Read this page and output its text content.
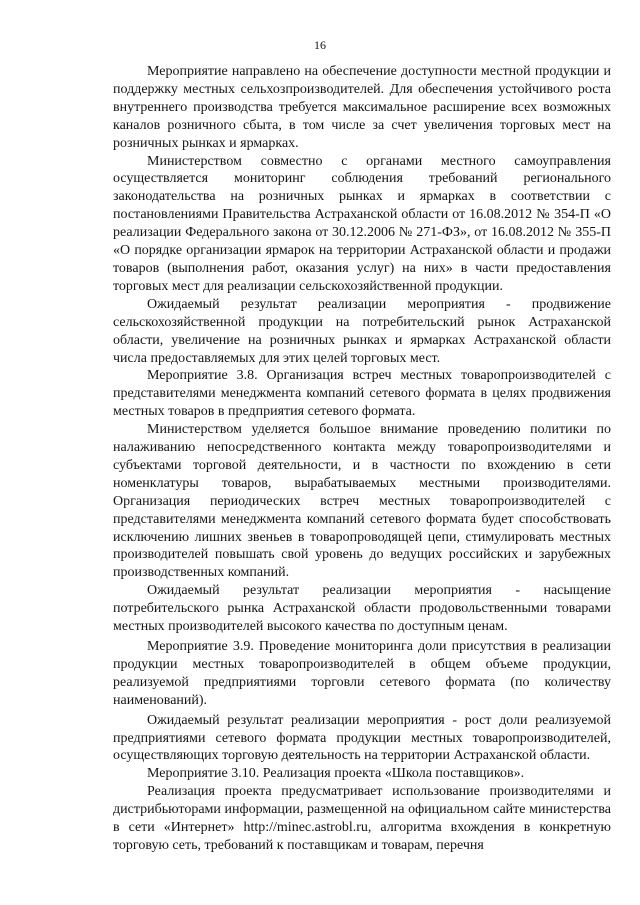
16

Мероприятие направлено на обеспечение доступности местной продукции и поддержку местных сельхозпроизводителей. Для обеспечения устойчивого роста внутреннего производства требуется максимальное расширение всех возможных каналов розничного сбыта, в том числе за счет увеличения торговых мест на розничных рынках и ярмарках.

Министерством совместно с органами местного самоуправления осуществляется мониторинг соблюдения требований регионального законодательства на розничных рынках и ярмарках в соответствии с постановлениями Правительства Астраханской области от 16.08.2012 № 354-П «О реализации Федерального закона от 30.12.2006 № 271-ФЗ», от 16.08.2012 № 355-П «О порядке организации ярмарок на территории Астраханской области и продажи товаров (выполнения работ, оказания услуг) на них» в части предоставления торговых мест для реализации сельскохозяйственной продукции.

Ожидаемый результат реализации мероприятия - продвижение сельскохозяйственной продукции на потребительский рынок Астраханской области, увеличение на розничных рынках и ярмарках Астраханской области числа предоставляемых для этих целей торговых мест.

Мероприятие 3.8. Организация встреч местных товаропроизводителей с представителями менеджмента компаний сетевого формата в целях продвижения местных товаров в предприятия сетевого формата.

Министерством уделяется большое внимание проведению политики по налаживанию непосредственного контакта между товаропроизводителями и субъектами торговой деятельности, и в частности по вхождению в сети номенклатуры товаров, вырабатываемых местными производителями. Организация периодических встреч местных товаропроизводителей с представителями менеджмента компаний сетевого формата будет способствовать исключению лишних звеньев в товаропроводящей цепи, стимулировать местных производителей повышать свой уровень до ведущих российских и зарубежных производственных компаний.

Ожидаемый результат реализации мероприятия - насыщение потребительского рынка Астраханской области продовольственными товарами местных производителей высокого качества по доступным ценам.

Мероприятие 3.9. Проведение мониторинга доли присутствия в реализации продукции местных товаропроизводителей в общем объеме продукции, реализуемой предприятиями торговли сетевого формата (по количеству наименований).

Ожидаемый результат реализации мероприятия - рост доли реализуемой предприятиями сетевого формата продукции местных товаропроизводителей, осуществляющих торговую деятельность на территории Астраханской области.

Мероприятие 3.10. Реализация проекта «Школа поставщиков».

Реализация проекта предусматривает использование производителями и дистрибьюторами информации, размещенной на официальном сайте министерства в сети «Интернет» http://minec.astrobl.ru, алгоритма вхождения в конкретную торговую сеть, требований к поставщикам и товарам, перечня
